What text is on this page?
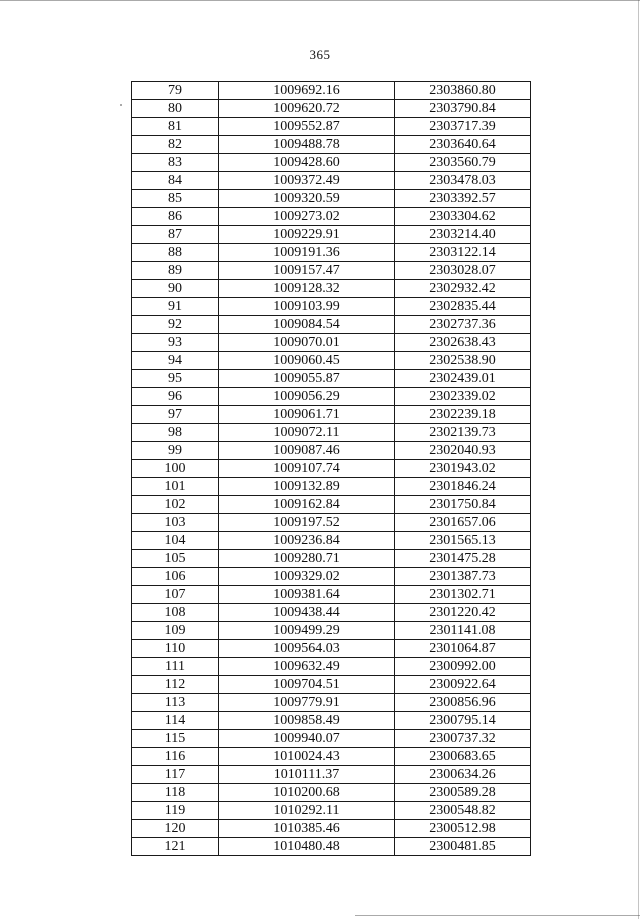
365
79	1009692.16	2303860.80
80	1009620.72	2303790.84
81	1009552.87	2303717.39
82	1009488.78	2303640.64
83	1009428.60	2303560.79
84	1009372.49	2303478.03
85	1009320.59	2303392.57
86	1009273.02	2303304.62
87	1009229.91	2303214.40
88	1009191.36	2303122.14
89	1009157.47	2303028.07
90	1009128.32	2302932.42
91	1009103.99	2302835.44
92	1009084.54	2302737.36
93	1009070.01	2302638.43
94	1009060.45	2302538.90
95	1009055.87	2302439.01
96	1009056.29	2302339.02
97	1009061.71	2302239.18
98	1009072.11	2302139.73
99	1009087.46	2302040.93
100	1009107.74	2301943.02
101	1009132.89	2301846.24
102	1009162.84	2301750.84
103	1009197.52	2301657.06
104	1009236.84	2301565.13
105	1009280.71	2301475.28
106	1009329.02	2301387.73
107	1009381.64	2301302.71
108	1009438.44	2301220.42
109	1009499.29	2301141.08
110	1009564.03	2301064.87
111	1009632.49	2300992.00
112	1009704.51	2300922.64
113	1009779.91	2300856.96
114	1009858.49	2300795.14
115	1009940.07	2300737.32
116	1010024.43	2300683.65
117	1010111.37	2300634.26
118	1010200.68	2300589.28
119	1010292.11	2300548.82
120	1010385.46	2300512.98
121	1010480.48	2300481.85
